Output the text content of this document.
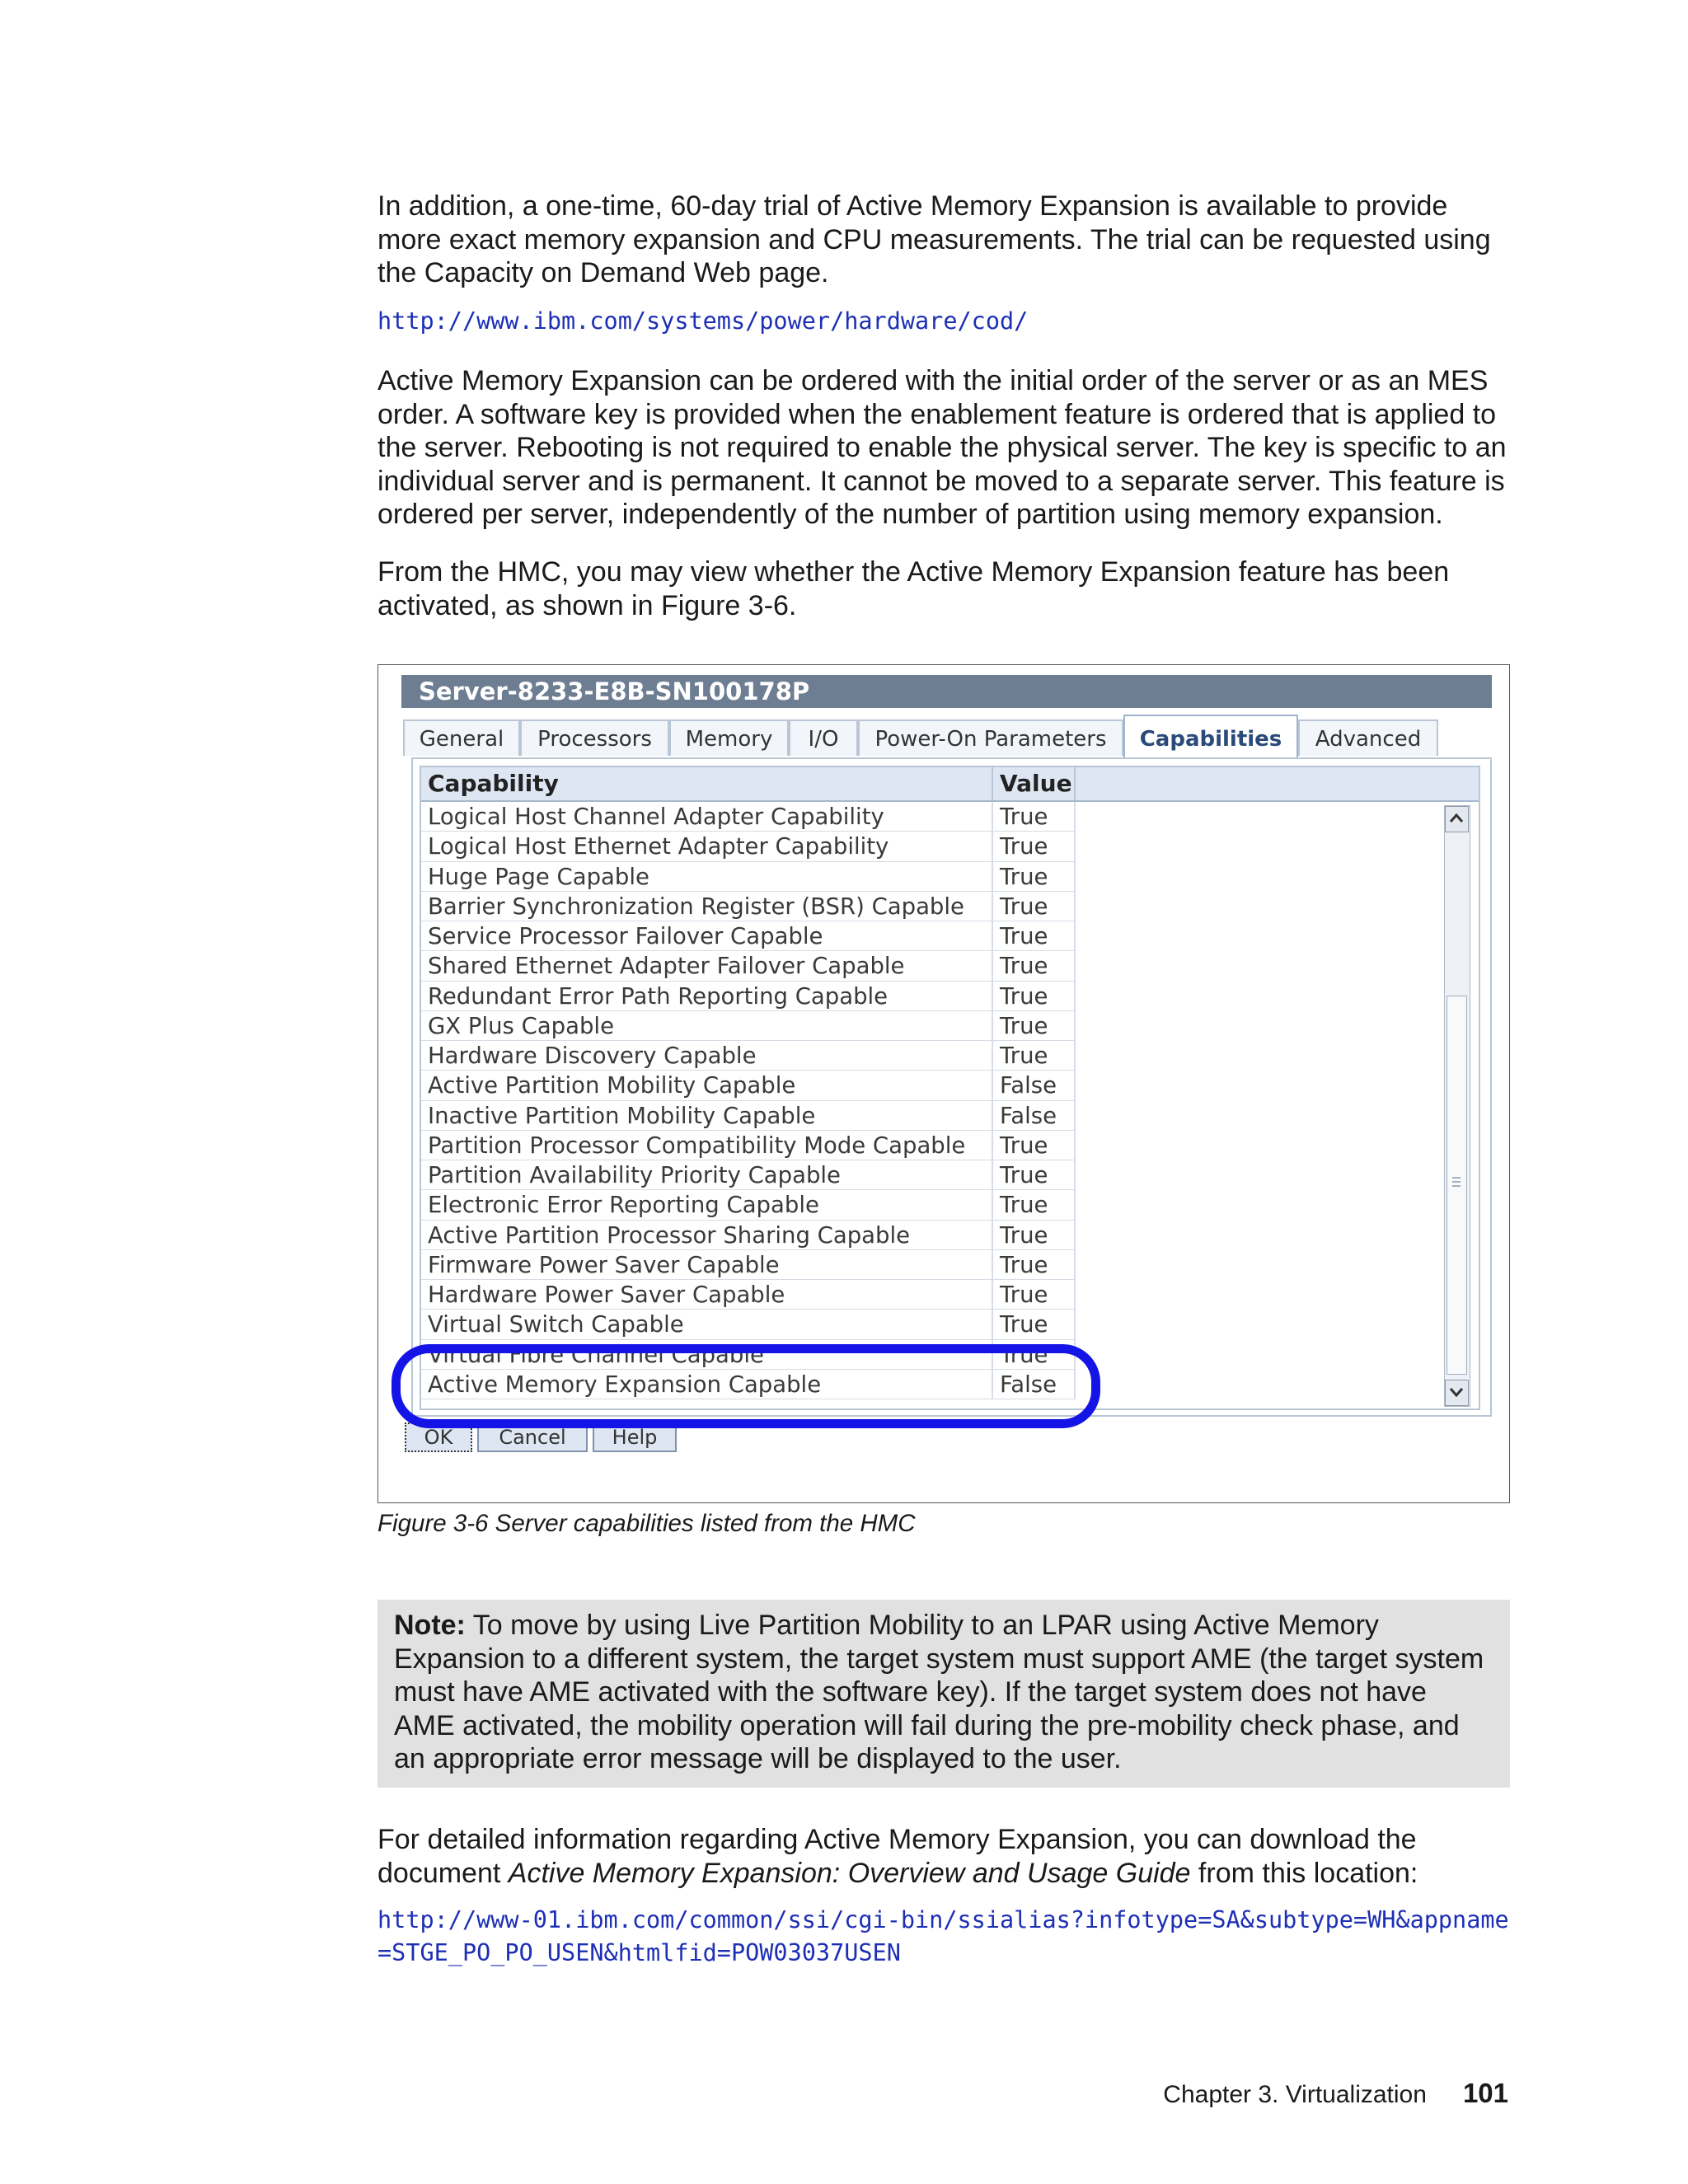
In addition, a one-time, 60-day trial of Active Memory Expansion is available to provide more exact memory expansion and CPU measurements. The trial can be requested using the Capacity on Demand Web page.

http://www.ibm.com/systems/power/hardware/cod/

Active Memory Expansion can be ordered with the initial order of the server or as an MES order. A software key is provided when the enablement feature is ordered that is applied to the server. Rebooting is not required to enable the physical server. The key is specific to an individual server and is permanent. It cannot be moved to a separate server. This feature is ordered per server, independently of the number of partition using memory expansion.

From the HMC, you may view whether the Active Memory Expansion feature has been activated, as shown in Figure 3-6.

Server-8233-E8B-SN100178P
General	Processors	Memory	I/O	Power-On Parameters	Capabilities	Advanced
Capability	Value
Logical Host Channel Adapter Capability	True
Logical Host Ethernet Adapter Capability	True
Huge Page Capable	True
Barrier Synchronization Register (BSR) Capable	True
Service Processor Failover Capable	True
Shared Ethernet Adapter Failover Capable	True
Redundant Error Path Reporting Capable	True
GX Plus Capable	True
Hardware Discovery Capable	True
Active Partition Mobility Capable	False
Inactive Partition Mobility Capable	False
Partition Processor Compatibility Mode Capable	True
Partition Availability Priority Capable	True
Electronic Error Reporting Capable	True
Active Partition Processor Sharing Capable	True
Firmware Power Saver Capable	True
Hardware Power Saver Capable	True
Virtual Switch Capable	True
Virtual Fibre Channel Capable	True
Active Memory Expansion Capable	False
OK	Cancel	Help
Figure 3-6 Server capabilities listed from the HMC

Note: To move by using Live Partition Mobility to an LPAR using Active Memory Expansion to a different system, the target system must support AME (the target system must have AME activated with the software key). If the target system does not have AME activated, the mobility operation will fail during the pre-mobility check phase, and an appropriate error message will be displayed to the user.

For detailed information regarding Active Memory Expansion, you can download the document Active Memory Expansion: Overview and Usage Guide from this location:

http://www-01.ibm.com/common/ssi/cgi-bin/ssialias?infotype=SA&subtype=WH&appname=STGE_PO_PO_USEN&htmlfid=POW03037USEN

Chapter 3. Virtualization 101
